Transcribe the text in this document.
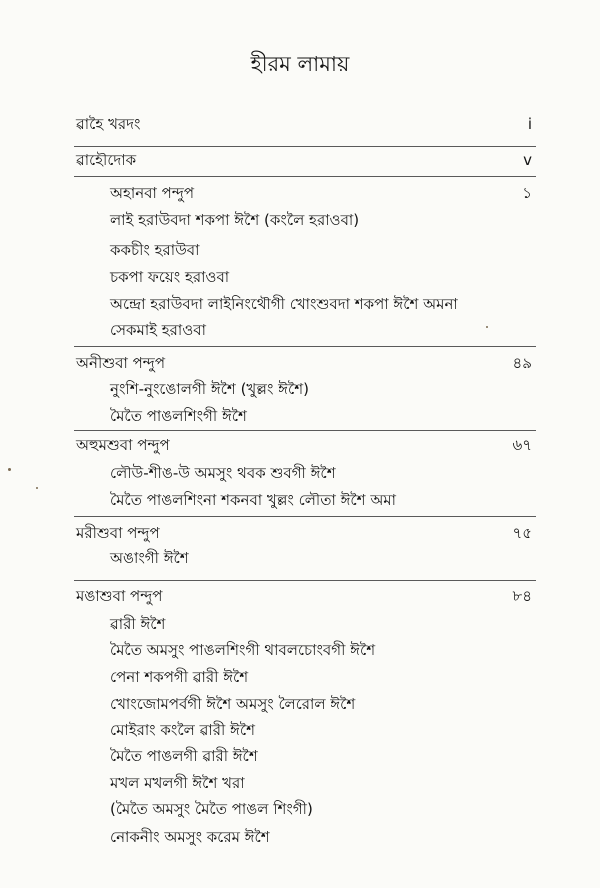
হীরম লামায়
ৱাহৈ খরদং	i
ৱাহৌদোক	v
অহানবা পন্দুপ	১
লাই হরাউবদা শকপা ঈশৈ (কংলৈ হরাওবা)
ককচীং হরাউবা
চকপা ফয়েং হরাওবা
অন্দ্রো হরাউবদা লাইনিংথৌগী খোংশুবদা শকপা ঈশৈ অমনা
সেকমাই হরাওবা
অনীশুবা পন্দুপ	৪৯
নুংশি-নুংঙোলগী ঈশৈ (খুল্লং ঈশৈ)
মৈতৈ পাঙলশিংগী ঈশৈ
অহুমশুবা পন্দুপ	৬৭
লৌউ-শীঙ-উ অমসুং থবক শুবগী ঈশৈ
মৈতৈ পাঙলশিংনা শকনবা খুল্লং লৌতা ঈশৈ অমা
মরীশুবা পন্দুপ	৭৫
অঙাংগী ঈশৈ
মঙাশুবা পন্দুপ	৮৪
ৱারী ঈশৈ
মৈতৈ অমসুং পাঙলশিংগী থাবলচোংবগী ঈশৈ
পেনা শকপগী ৱারী ঈশৈ
খোংজোমপর্বগী ঈশৈ অমসুং লৈরোল ঈশৈ
মোইরাং কংলৈ ৱারী ঈশৈ
মৈতৈ পাঙলগী ৱারী ঈশৈ
মখল মখলগী ঈশৈ খরা
(মৈতৈ অমসুং মৈতৈ পাঙল শিংগী)
নোকনীং অমসুং করেম ঈশৈ
